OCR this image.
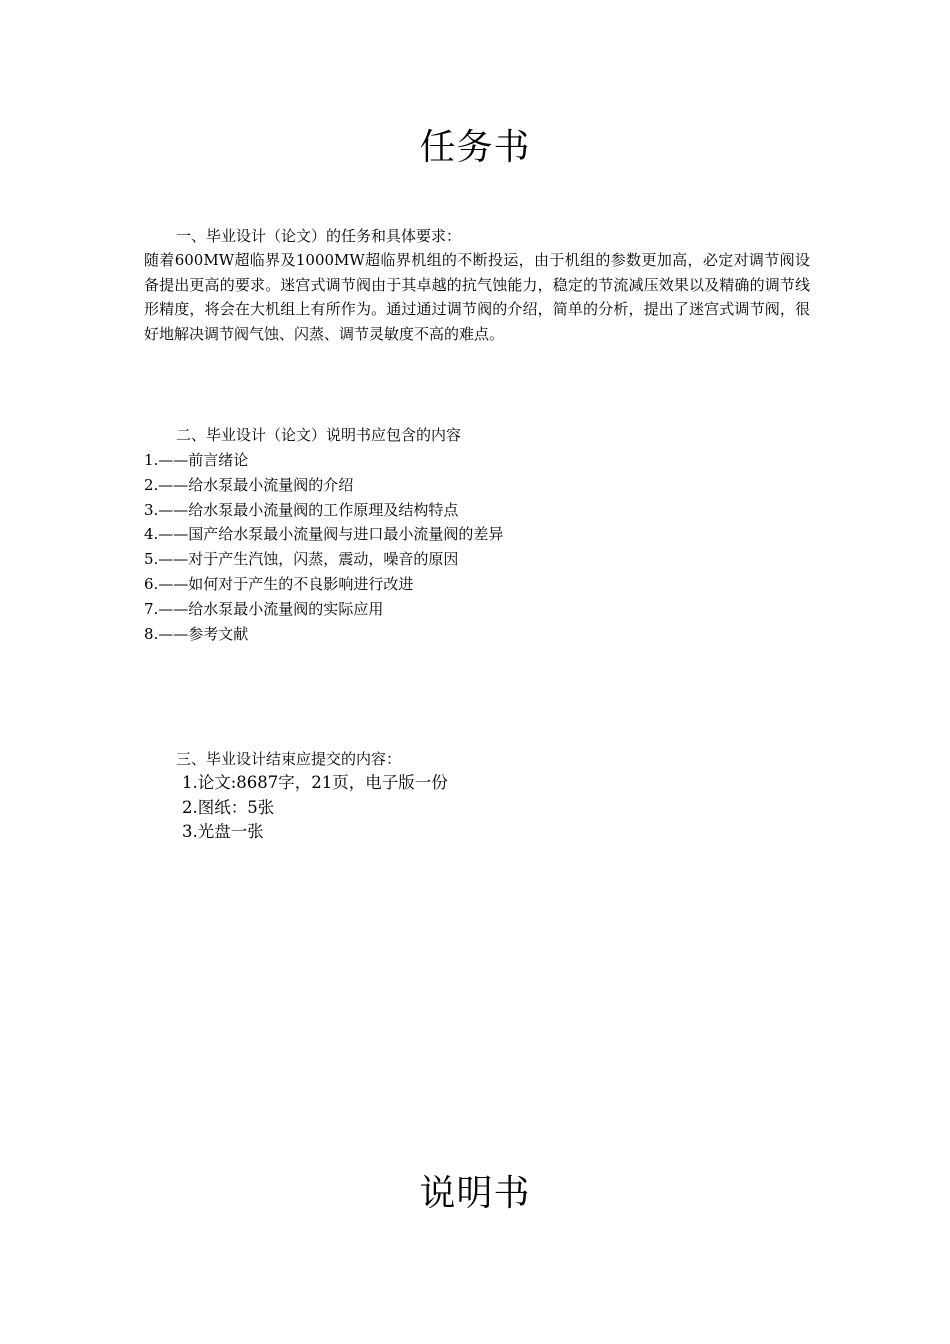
任务书
一、毕业设计（论文）的任务和具体要求：
随着600MW超临界及1000MW超临界机组的不断投运，由于机组的参数更加高，必定对调节阀设备提出更高的要求。迷宫式调节阀由于其卓越的抗气蚀能力，稳定的节流减压效果以及精确的调节线形精度，将会在大机组上有所作为。通过通过调节阀的介绍，简单的分析，提出了迷宫式调节阀，很好地解决调节阀气蚀、闪蒸、调节灵敏度不高的难点。
二、毕业设计（论文）说明书应包含的内容
1.——前言绪论
2.——给水泵最小流量阀的介绍
3.——给水泵最小流量阀的工作原理及结构特点
4.——国产给水泵最小流量阀与进口最小流量阀的差异
5.——对于产生汽蚀，闪蒸，震动，噪音的原因
6.——如何对于产生的不良影响进行改进
7.——给水泵最小流量阀的实际应用
8.——参考文献
三、毕业设计结束应提交的内容：
1.论文:8687字，21页，电子版一份
2.图纸：5张
3.光盘一张
说明书
